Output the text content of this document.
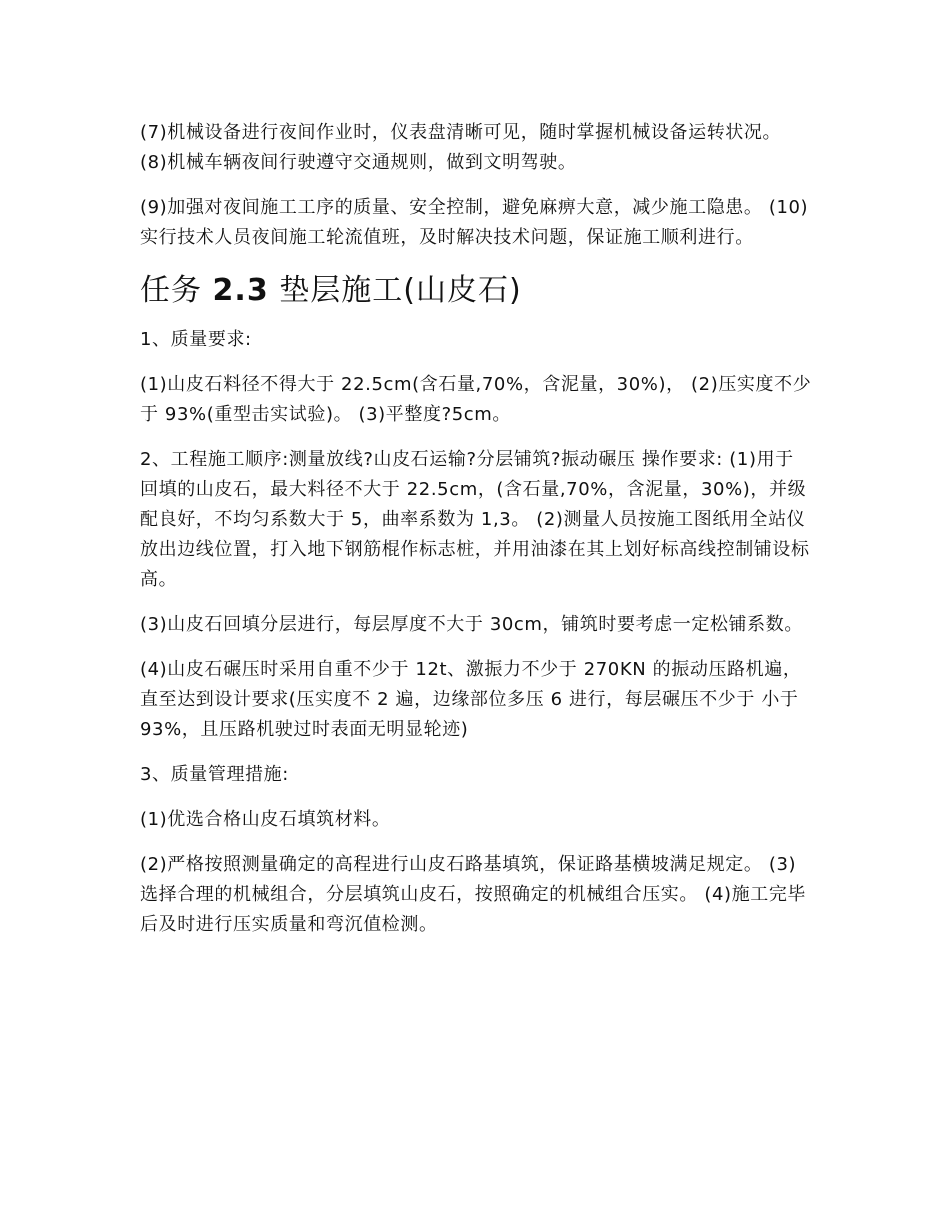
(7)机械设备进行夜间作业时，仪表盘清晰可见，随时掌握机械设备运转状况。 (8)机械车辆夜间行驶遵守交通规则，做到文明驾驶。

(9)加强对夜间施工工序的质量、安全控制，避免麻痹大意，减少施工隐患。 (10)实行技术人员夜间施工轮流值班，及时解决技术问题，保证施工顺利进行。

任务 2.3 垫层施工(山皮石)

1、质量要求:

(1)山皮石料径不得大于 22.5cm(含石量,70%，含泥量，30%)， (2)压实度不少于 93%(重型击实试验)。 (3)平整度?5cm。

2、工程施工顺序:测量放线?山皮石运输?分层铺筑?振动碾压 操作要求: (1)用于回填的山皮石，最大料径不大于 22.5cm，(含石量,70%，含泥量，30%)，并级配良好，不均匀系数大于 5，曲率系数为 1,3。 (2)测量人员按施工图纸用全站仪放出边线位置，打入地下钢筋棍作标志桩，并用油漆在其上划好标高线控制铺设标高。

(3)山皮石回填分层进行，每层厚度不大于 30cm，铺筑时要考虑一定松铺系数。

(4)山皮石碾压时采用自重不少于 12t、激振力不少于 270KN 的振动压路机遍，直至达到设计要求(压实度不 2 遍，边缘部位多压 6 进行，每层碾压不少于 小于 93%，且压路机驶过时表面无明显轮迹)

3、质量管理措施:

(1)优选合格山皮石填筑材料。

(2)严格按照测量确定的高程进行山皮石路基填筑，保证路基横坡满足规定。 (3)选择合理的机械组合，分层填筑山皮石，按照确定的机械组合压实。 (4)施工完毕后及时进行压实质量和弯沉值检测。
